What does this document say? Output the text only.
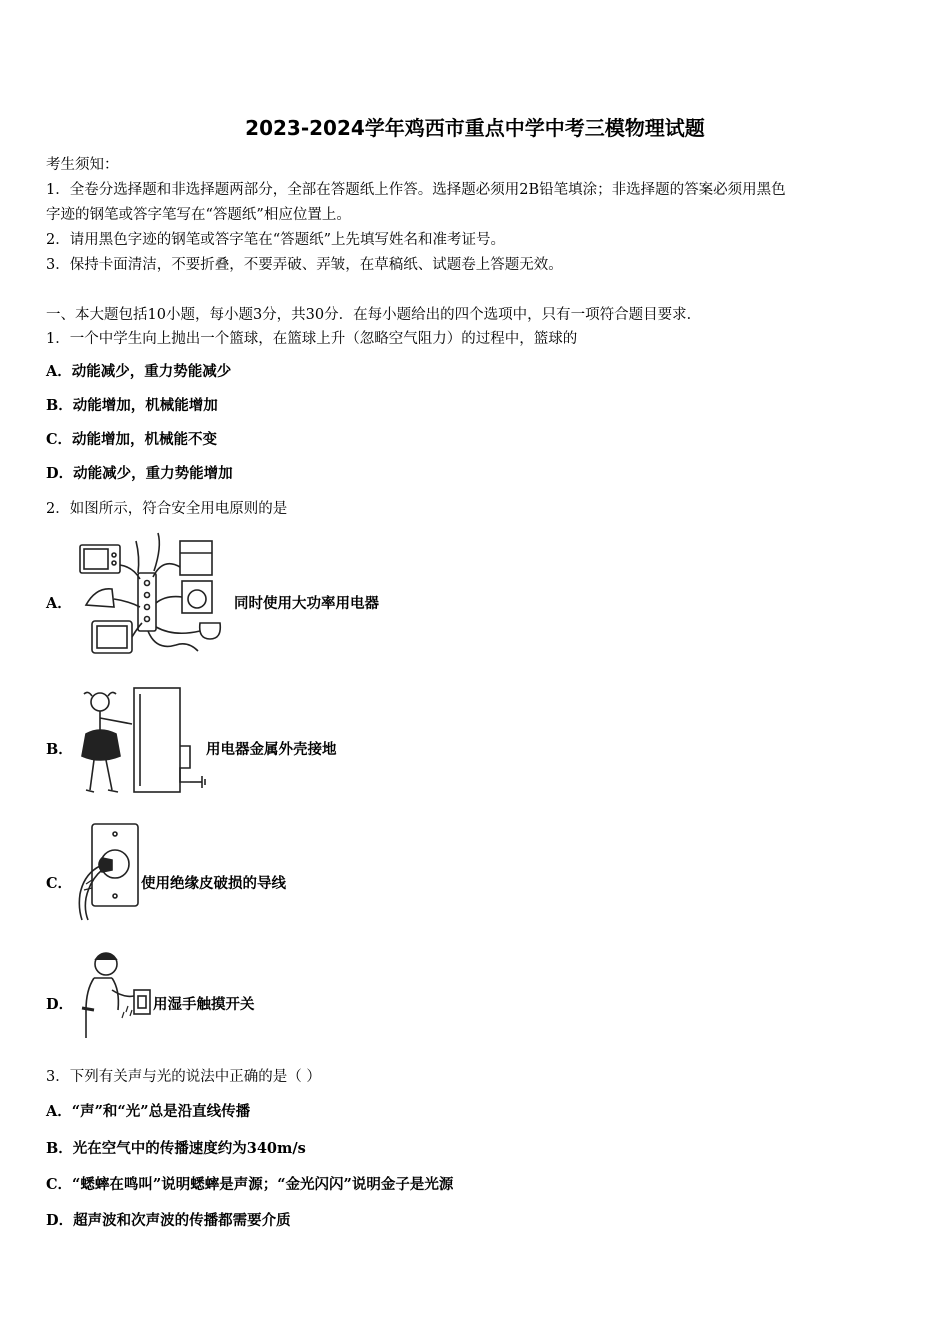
2023-2024学年鸡西市重点中学中考三模物理试题
考生须知：
1．全卷分选择题和非选择题两部分，全部在答题纸上作答。选择题必须用2B铅笔填涂；非选择题的答案必须用黑色
字迹的钢笔或答字笔写在“答题纸”相应位置上。
2．请用黑色字迹的钢笔或答字笔在“答题纸”上先填写姓名和准考证号。
3．保持卡面清洁，不要折叠，不要弄破、弄皱，在草稿纸、试题卷上答题无效。
一、本大题包括10小题，每小题3分，共30分．在每小题给出的四个选项中，只有一项符合题目要求．
1．一个中学生向上抛出一个篮球，在篮球上升（忽略空气阻力）的过程中，篮球的
A．动能减少，重力势能减少
B．动能增加，机械能增加
C．动能增加，机械能不变
D．动能减少，重力势能增加
2．如图所示，符合安全用电原则的是
A．	同时使用大功率用电器
B．	用电器金属外壳接地
C．	使用绝缘皮破损的导线
D．	用湿手触摸开关
3．下列有关声与光的说法中正确的是（ ）
A．“声”和“光”总是沿直线传播
B．光在空气中的传播速度约为340m/s
C．“蟋蟀在鸣叫”说明蟋蟀是声源；“金光闪闪”说明金子是光源
D．超声波和次声波的传播都需要介质
